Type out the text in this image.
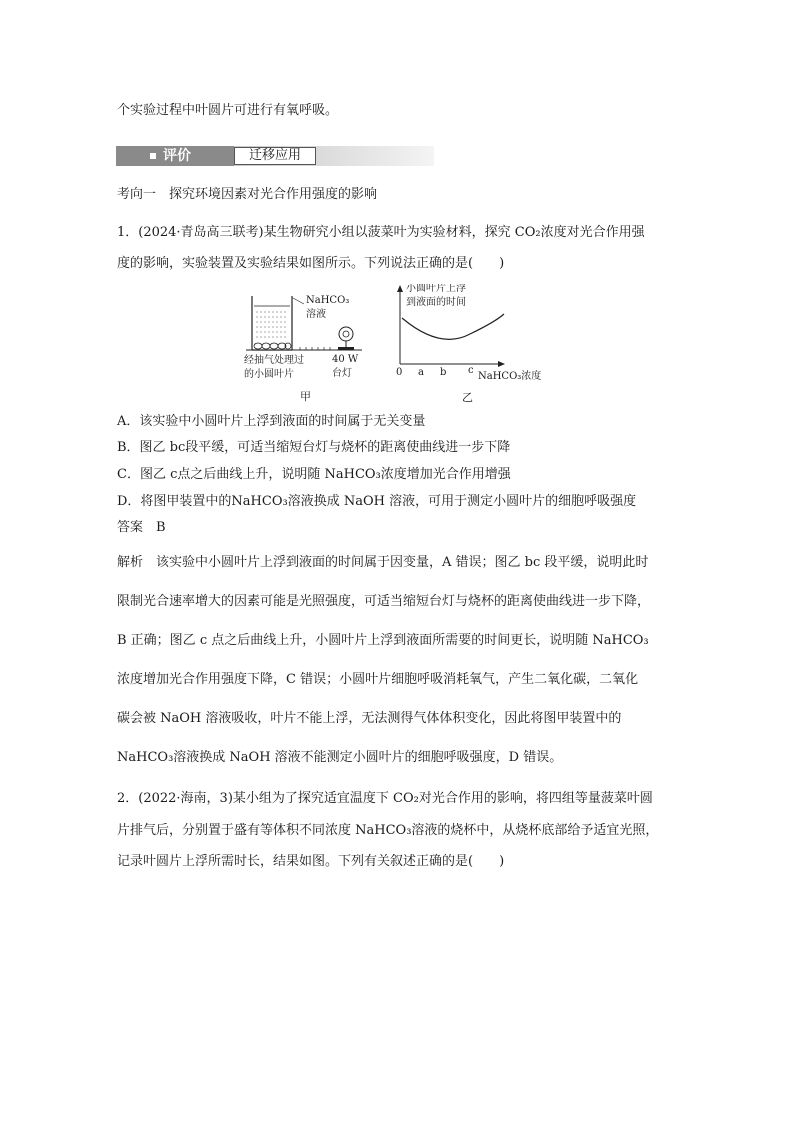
个实验过程中叶圆片可进行有氧呼吸。
评价	迁移应用
考向一　探究环境因素对光合作用强度的影响
1．(2024·青岛高三联考)某生物研究小组以菠菜叶为实验材料，探究 CO₂浓度对光合作用强
度的影响，实验装置及实验结果如图所示。下列说法正确的是(　　)
NaHCO₃
溶液
经抽气处理过
的小圆叶片
40 W
台灯
甲
小圆叶片上浮
到液面的时间
0 a b c
NaHCO₃浓度
乙
A．该实验中小圆叶片上浮到液面的时间属于无关变量
B．图乙 bc段平缓，可适当缩短台灯与烧杯的距离使曲线进一步下降
C．图乙 c点之后曲线上升，说明随 NaHCO₃浓度增加光合作用增强
D．将图甲装置中的NaHCO₃溶液换成 NaOH 溶液，可用于测定小圆叶片的细胞呼吸强度
答案　B
解析　该实验中小圆叶片上浮到液面的时间属于因变量，A 错误；图乙 bc 段平缓，说明此时
限制光合速率增大的因素可能是光照强度，可适当缩短台灯与烧杯的距离使曲线进一步下降，
B 正确；图乙 c 点之后曲线上升，小圆叶片上浮到液面所需要的时间更长，说明随 NaHCO₃
浓度增加光合作用强度下降，C 错误；小圆叶片细胞呼吸消耗氧气，产生二氧化碳，二氧化
碳会被 NaOH 溶液吸收，叶片不能上浮，无法测得气体体积变化，因此将图甲装置中的
NaHCO₃溶液换成 NaOH 溶液不能测定小圆叶片的细胞呼吸强度，D 错误。
2．(2022·海南，3)某小组为了探究适宜温度下 CO₂对光合作用的影响，将四组等量菠菜叶圆
片排气后，分别置于盛有等体积不同浓度 NaHCO₃溶液的烧杯中，从烧杯底部给予适宜光照，
记录叶圆片上浮所需时长，结果如图。下列有关叙述正确的是(　　)
